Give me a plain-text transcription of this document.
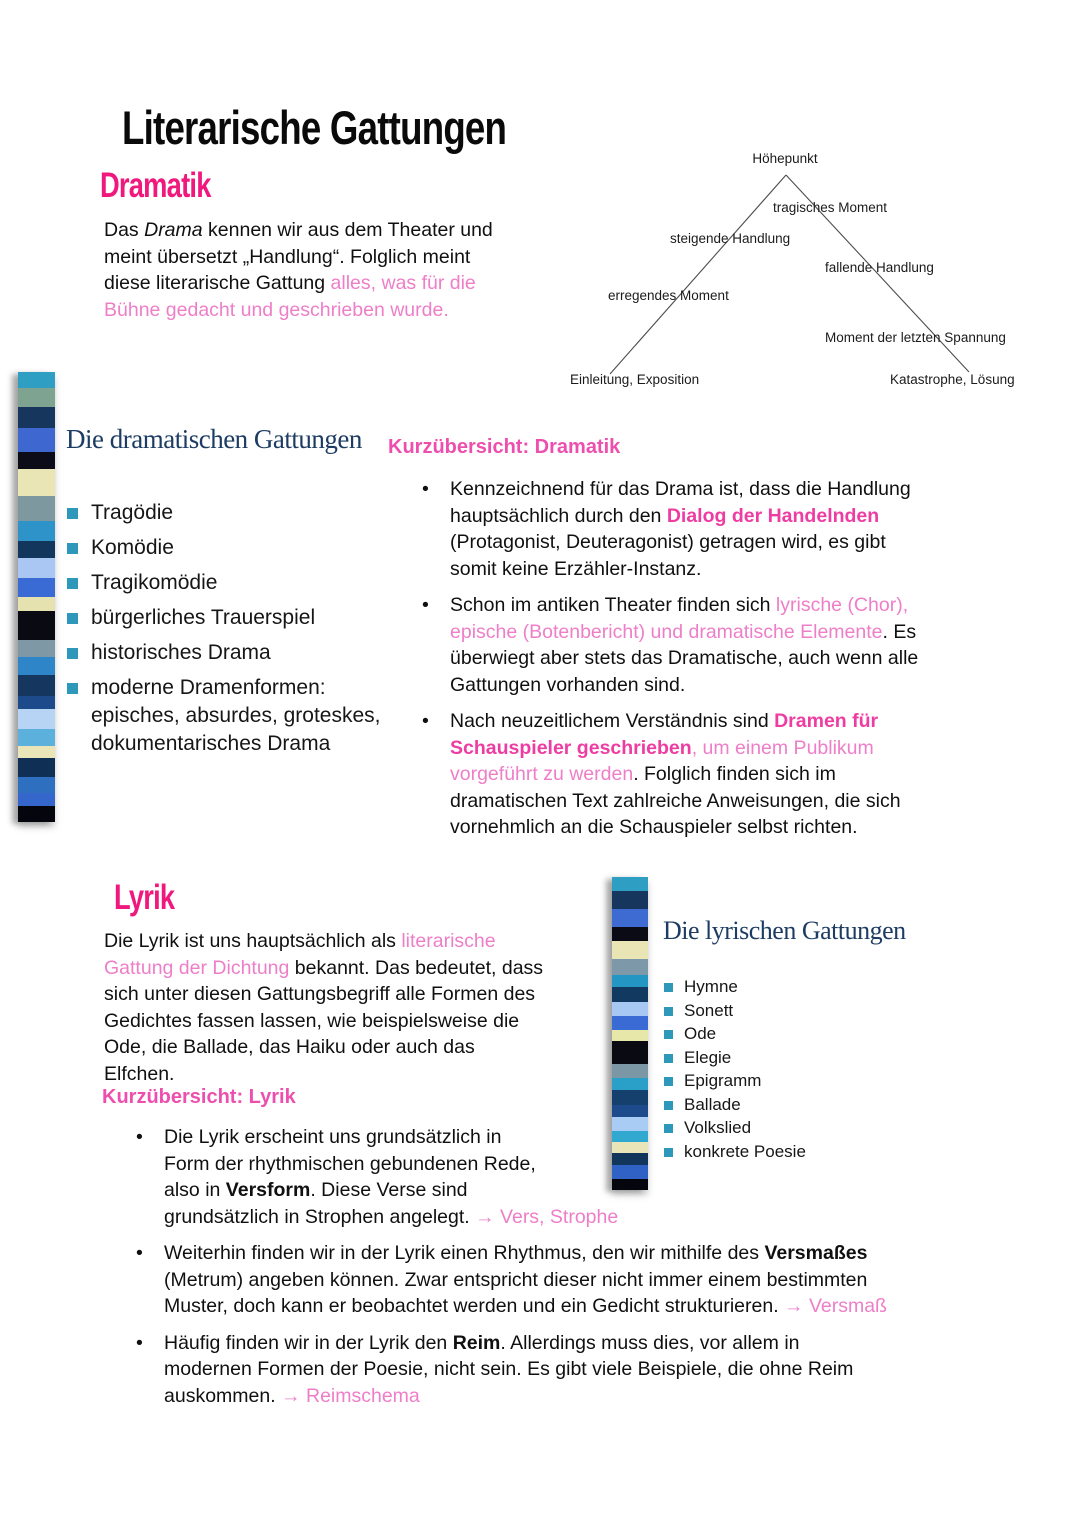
Literarische Gattungen
Dramatik
Das Drama kennen wir aus dem Theater und
meint übersetzt „Handlung“. Folglich meint
diese literarische Gattung alles, was für die
Bühne gedacht und geschrieben wurde.
Höhepunkt
tragisches Moment
steigende Handlung
fallende Handlung
erregendes Moment
Moment der letzten Spannung
Einleitung, Exposition	Katastrophe, Lösung
Die dramatischen Gattungen
Tragödie
Komödie
Tragikomödie
bürgerliches Trauerspiel
historisches Drama
moderne Dramenformen: episches, absurdes, groteskes, dokumentarisches Drama
Kurzübersicht: Dramatik
•	Kennzeichnend für das Drama ist, dass die Handlung
hauptsächlich durch den Dialog der Handelnden
(Protagonist, Deuteragonist) getragen wird, es gibt
somit keine Erzähler-Instanz.
•	Schon im antiken Theater finden sich lyrische (Chor),
epische (Botenbericht) und dramatische Elemente. Es
überwiegt aber stets das Dramatische, auch wenn alle
Gattungen vorhanden sind.
•	Nach neuzeitlichem Verständnis sind Dramen für
Schauspieler geschrieben, um einem Publikum
vorgeführt zu werden. Folglich finden sich im
dramatischen Text zahlreiche Anweisungen, die sich
vornehmlich an die Schauspieler selbst richten.
Lyrik
Die Lyrik ist uns hauptsächlich als literarische
Gattung der Dichtung bekannt. Das bedeutet, dass
sich unter diesen Gattungsbegriff alle Formen des
Gedichtes fassen lassen, wie beispielsweise die
Ode, die Ballade, das Haiku oder auch das
Elfchen.
Die lyrischen Gattungen
Hymne
Sonett
Ode
Elegie
Epigramm
Ballade
Volkslied
konkrete Poesie
Kurzübersicht: Lyrik
•	Die Lyrik erscheint uns grundsätzlich in
Form der rhythmischen gebundenen Rede,
also in Versform. Diese Verse sind
grundsätzlich in Strophen angelegt. → Vers, Strophe
•	Weiterhin finden wir in der Lyrik einen Rhythmus, den wir mithilfe des Versmaßes
(Metrum) angeben können. Zwar entspricht dieser nicht immer einem bestimmten
Muster, doch kann er beobachtet werden und ein Gedicht strukturieren. → Versmaß
•	Häufig finden wir in der Lyrik den Reim. Allerdings muss dies, vor allem in
modernen Formen der Poesie, nicht sein. Es gibt viele Beispiele, die ohne Reim
auskommen. → Reimschema
